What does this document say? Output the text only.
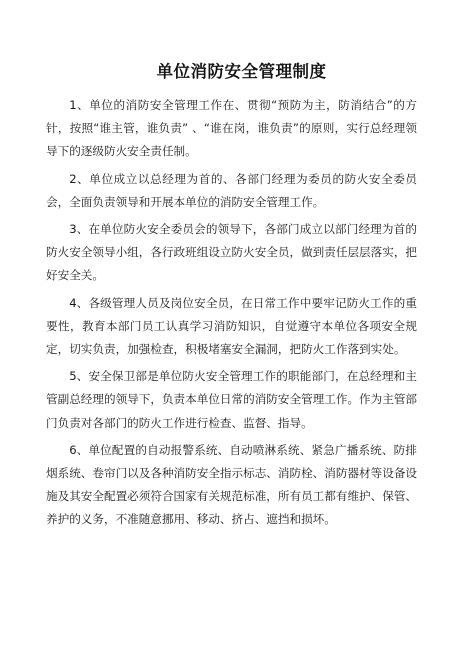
单位消防安全管理制度

1、单位的消防安全管理工作在、贯彻“预防为主，防消结合”的方针，按照“谁主管，谁负责” 、“谁在岗，谁负责”的原则，实行总经理领导下的逐级防火安全责任制。

2、单位成立以总经理为首的、各部门经理为委员的防火安全委员会，全面负责领导和开展本单位的消防安全管理工作。

3、在单位防火安全委员会的领导下，各部门成立以部门经理为首的防火安全领导小组，各行政班组设立防火安全员，做到责任层层落实，把好安全关。

4、各级管理人员及岗位安全员，在日常工作中要牢记防火工作的重要性，教育本部门员工认真学习消防知识，自觉遵守本单位各项安全规定，切实负责，加强检查，积极堵塞安全漏洞，把防火工作落到实处。

5、安全保卫部是单位防火安全管理工作的职能部门，在总经理和主管副总经理的领导下，负责本单位日常的消防安全管理工作。作为主管部门负责对各部门的防火工作进行检查、监督、指导。

6、单位配置的自动报警系统、自动喷淋系统、紧急广播系统、防排烟系统、卷帘门以及各种消防安全指示标志、消防栓、消防器材等设备设施及其安全配置必须符合国家有关规范标准，所有员工都有维护、保管、养护的义务，不准随意挪用、移动、挤占、遮挡和损坏。
